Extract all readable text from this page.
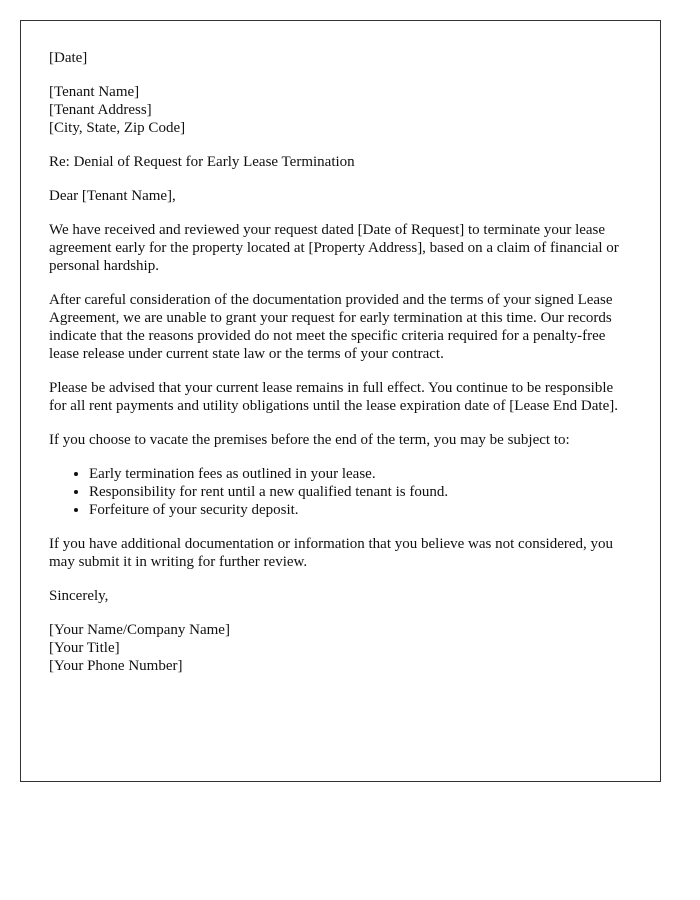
[Date]

[Tenant Name]
[Tenant Address]
[City, State, Zip Code]

Re: Denial of Request for Early Lease Termination

Dear [Tenant Name],

We have received and reviewed your request dated [Date of Request] to terminate your lease agreement early for the property located at [Property Address], based on a claim of financial or personal hardship.

After careful consideration of the documentation provided and the terms of your signed Lease Agreement, we are unable to grant your request for early termination at this time. Our records indicate that the reasons provided do not meet the specific criteria required for a penalty-free lease release under current state law or the terms of your contract.

Please be advised that your current lease remains in full effect. You continue to be responsible for all rent payments and utility obligations until the lease expiration date of [Lease End Date].

If you choose to vacate the premises before the end of the term, you may be subject to:

• Early termination fees as outlined in your lease.
• Responsibility for rent until a new qualified tenant is found.
• Forfeiture of your security deposit.

If you have additional documentation or information that you believe was not considered, you may submit it in writing for further review.

Sincerely,

[Your Name/Company Name]
[Your Title]
[Your Phone Number]
